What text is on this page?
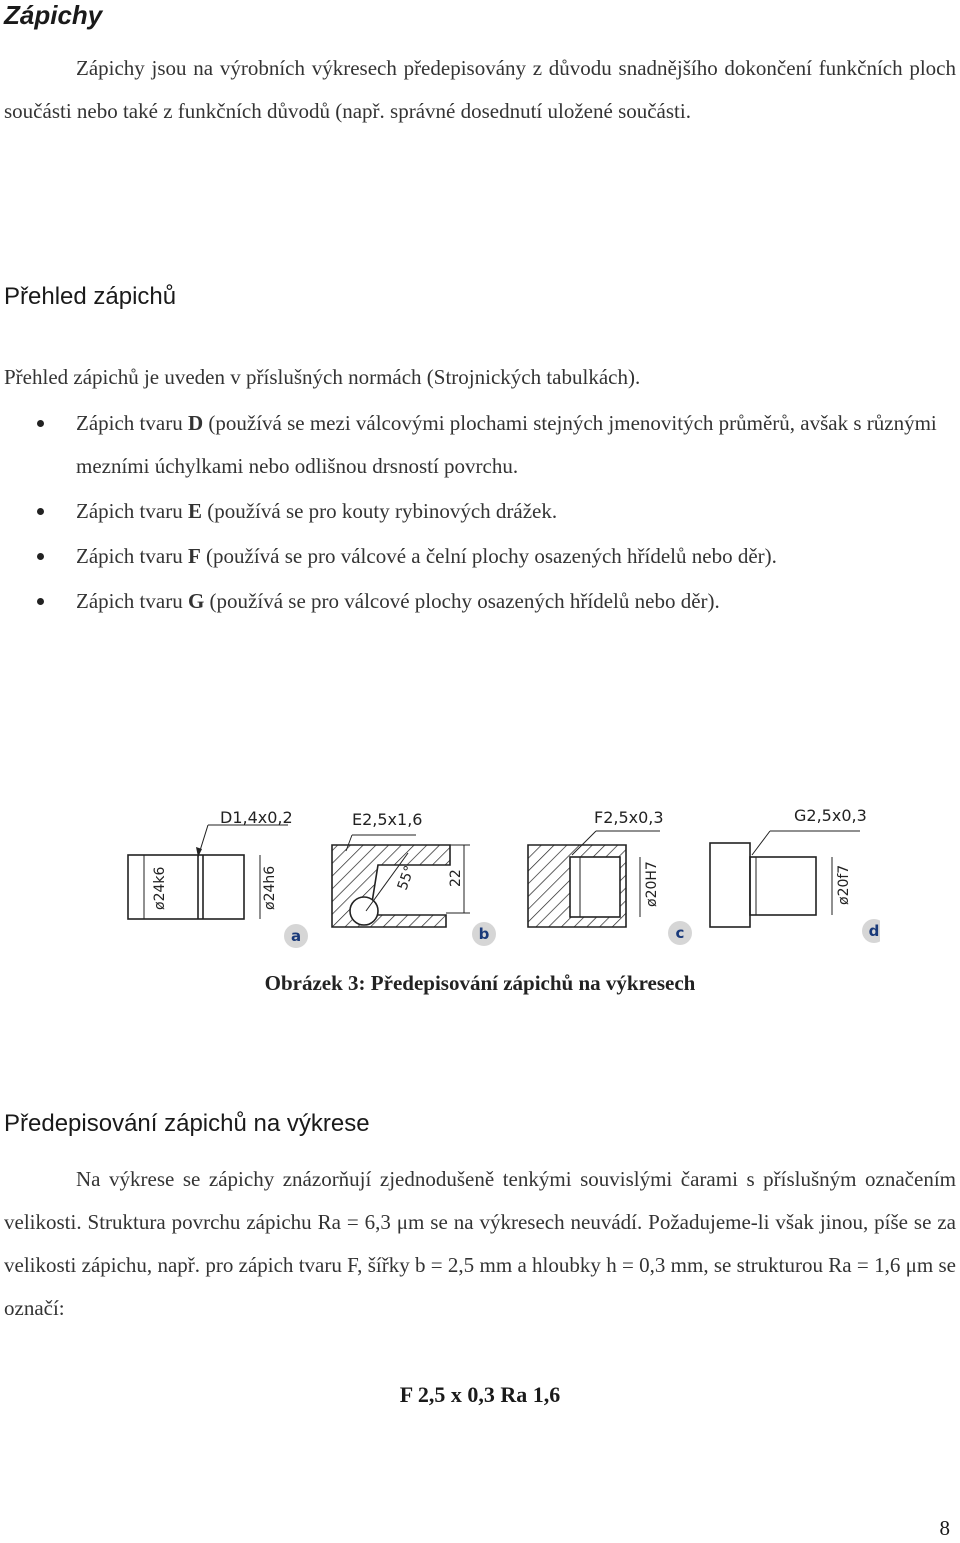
Zápichy

Zápichy jsou na výrobních výkresech předepisovány z důvodu snadnějšího dokončení funkčních ploch součásti nebo také z funkčních důvodů (např. správné dosednutí uložené součásti.

Přehled zápichů

Přehled zápichů je uveden v příslušných normách (Strojnických tabulkách).

Zápich tvaru D (používá se mezi válcovými plochami stejných jmenovitých průměrů, avšak s různými mezními úchylkami nebo odlišnou drsností povrchu.
Zápich tvaru E (používá se pro kouty rybinových drážek.
Zápich tvaru F (používá se pro válcové a čelní plochy osazených hřídelů nebo děr).
Zápich tvaru G (používá se pro válcové plochy osazených hřídelů nebo děr).
D1,4x0,2
ø24k6	ø24h6
E2,5x1,6
55° 22
F2,5x0,3
ø20H7
G2,5x0,3
ø20f7
a	b	c	d

Obrázek 3: Předepisování zápichů na výkresech

Předepisování zápichů na výkrese

Na výkrese se zápichy znázorňují zjednodušeně tenkými souvislými čarami s příslušným označením velikosti. Struktura povrchu zápichu Ra = 6,3 μm se na výkresech neuvádí. Požadujeme-li však jinou, píše se za velikosti zápichu, např. pro zápich tvaru F, šířky b = 2,5 mm a hloubky h = 0,3 mm, se strukturou Ra = 1,6 μm se označí:

F 2,5 x 0,3 Ra 1,6

8
